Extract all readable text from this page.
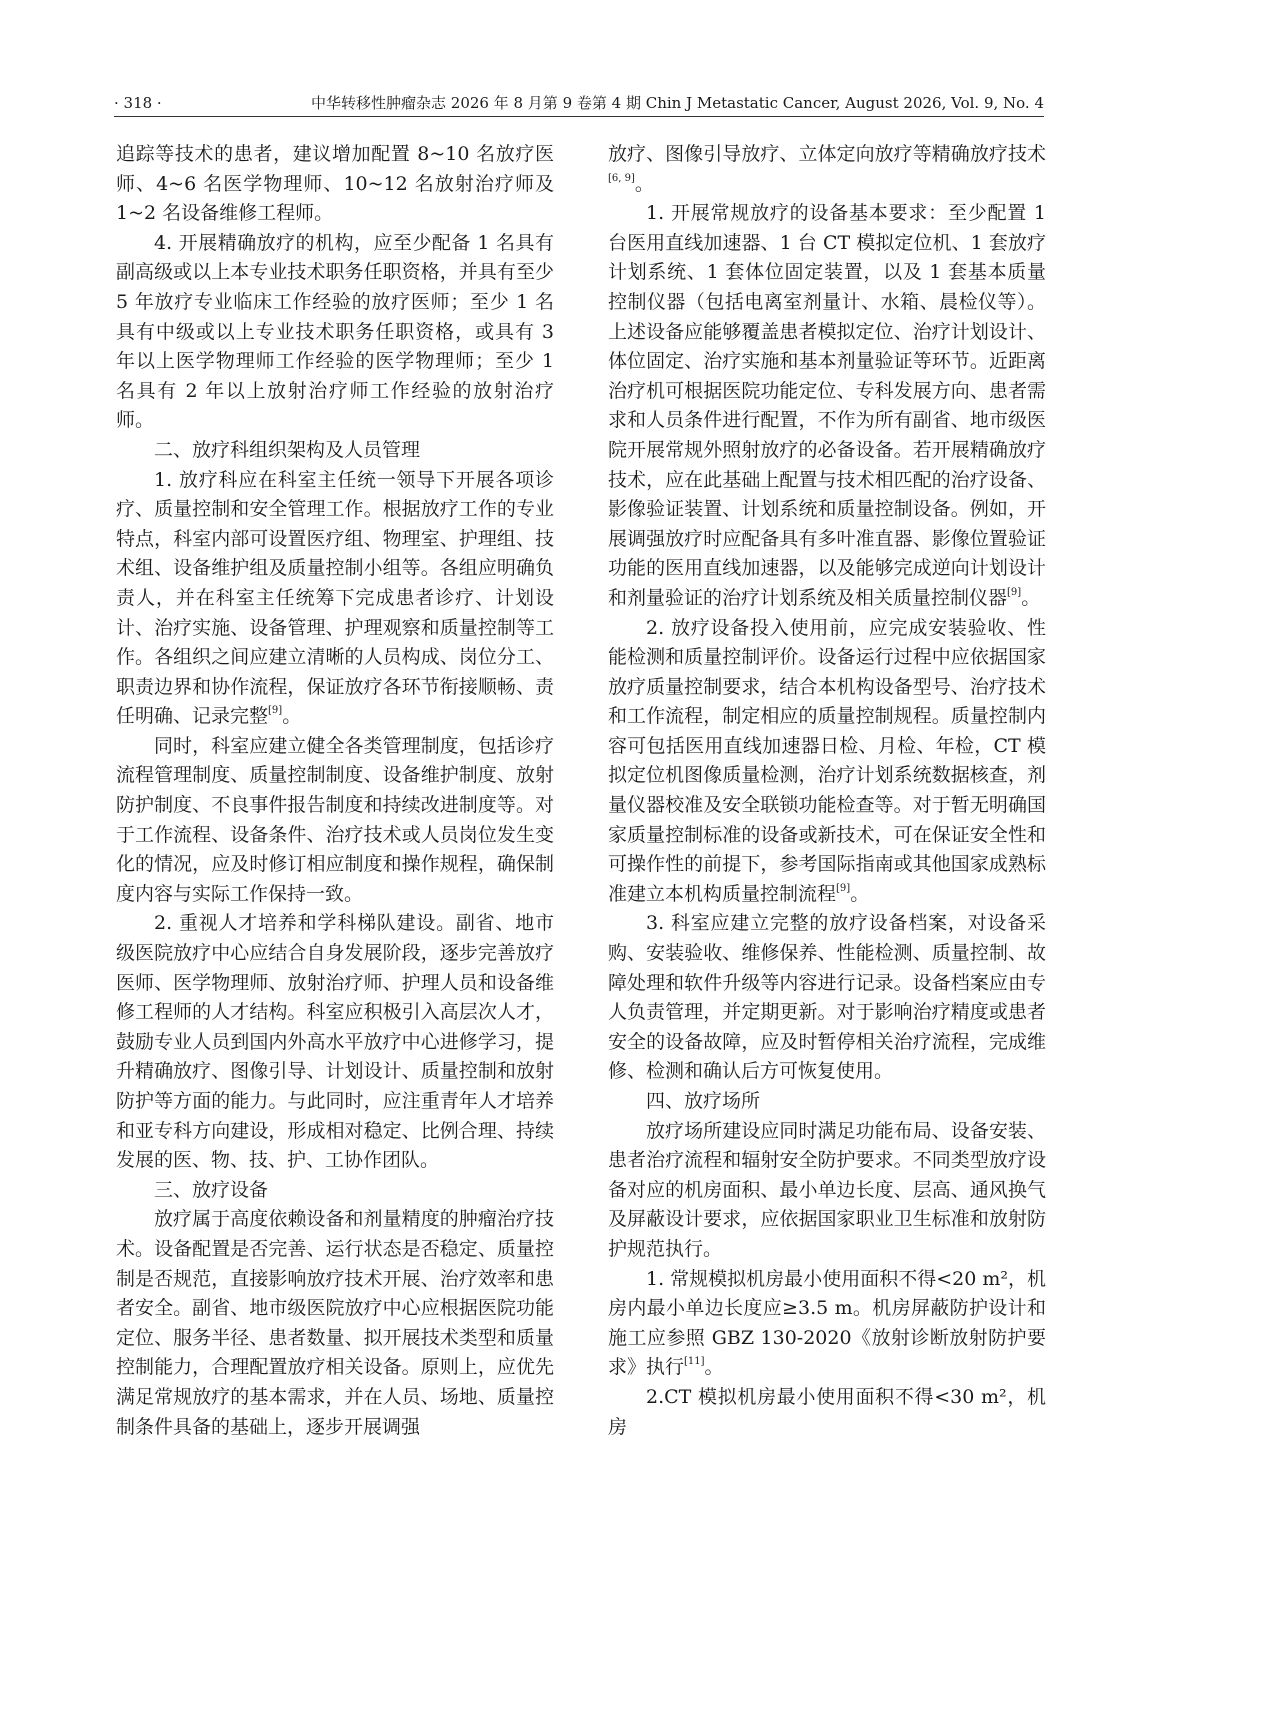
· 318 ·	中华转移性肿瘤杂志 2026 年 8 月第 9 卷第 4 期 Chin J Metastatic Cancer, August 2026, Vol. 9, No. 4

追踪等技术的患者，建议增加配置 8~10 名放疗医师、4~6 名医学物理师、10~12 名放射治疗师及 1~2 名设备维修工程师。

4. 开展精确放疗的机构，应至少配备 1 名具有副高级或以上本专业技术职务任职资格，并具有至少 5 年放疗专业临床工作经验的放疗医师；至少 1 名具有中级或以上专业技术职务任职资格，或具有 3 年以上医学物理师工作经验的医学物理师；至少 1 名具有 2 年以上放射治疗师工作经验的放射治疗师。

二、放疗科组织架构及人员管理

1. 放疗科应在科室主任统一领导下开展各项诊疗、质量控制和安全管理工作。根据放疗工作的专业特点，科室内部可设置医疗组、物理室、护理组、技术组、设备维护组及质量控制小组等。各组应明确负责人，并在科室主任统筹下完成患者诊疗、计划设计、治疗实施、设备管理、护理观察和质量控制等工作。各组织之间应建立清晰的人员构成、岗位分工、职责边界和协作流程，保证放疗各环节衔接顺畅、责任明确、记录完整[9]。

同时，科室应建立健全各类管理制度，包括诊疗流程管理制度、质量控制制度、设备维护制度、放射防护制度、不良事件报告制度和持续改进制度等。对于工作流程、设备条件、治疗技术或人员岗位发生变化的情况，应及时修订相应制度和操作规程，确保制度内容与实际工作保持一致。

2. 重视人才培养和学科梯队建设。副省、地市级医院放疗中心应结合自身发展阶段，逐步完善放疗医师、医学物理师、放射治疗师、护理人员和设备维修工程师的人才结构。科室应积极引入高层次人才，鼓励专业人员到国内外高水平放疗中心进修学习，提升精确放疗、图像引导、计划设计、质量控制和放射防护等方面的能力。与此同时，应注重青年人才培养和亚专科方向建设，形成相对稳定、比例合理、持续发展的医、物、技、护、工协作团队。

三、放疗设备

放疗属于高度依赖设备和剂量精度的肿瘤治疗技术。设备配置是否完善、运行状态是否稳定、质量控制是否规范，直接影响放疗技术开展、治疗效率和患者安全。副省、地市级医院放疗中心应根据医院功能定位、服务半径、患者数量、拟开展技术类型和质量控制能力，合理配置放疗相关设备。原则上，应优先满足常规放疗的基本需求，并在人员、场地、质量控制条件具备的基础上，逐步开展调强

放疗、图像引导放疗、立体定向放疗等精确放疗技术[6, 9]。

1. 开展常规放疗的设备基本要求：至少配置 1 台医用直线加速器、1 台 CT 模拟定位机、1 套放疗计划系统、1 套体位固定装置，以及 1 套基本质量控制仪器（包括电离室剂量计、水箱、晨检仪等）。上述设备应能够覆盖患者模拟定位、治疗计划设计、体位固定、治疗实施和基本剂量验证等环节。近距离治疗机可根据医院功能定位、专科发展方向、患者需求和人员条件进行配置，不作为所有副省、地市级医院开展常规外照射放疗的必备设备。若开展精确放疗技术，应在此基础上配置与技术相匹配的治疗设备、影像验证装置、计划系统和质量控制设备。例如，开展调强放疗时应配备具有多叶准直器、影像位置验证功能的医用直线加速器，以及能够完成逆向计划设计和剂量验证的治疗计划系统及相关质量控制仪器[9]。

2. 放疗设备投入使用前，应完成安装验收、性能检测和质量控制评价。设备运行过程中应依据国家放疗质量控制要求，结合本机构设备型号、治疗技术和工作流程，制定相应的质量控制规程。质量控制内容可包括医用直线加速器日检、月检、年检，CT 模拟定位机图像质量检测，治疗计划系统数据核查，剂量仪器校准及安全联锁功能检查等。对于暂无明确国家质量控制标准的设备或新技术，可在保证安全性和可操作性的前提下，参考国际指南或其他国家成熟标准建立本机构质量控制流程[9]。

3. 科室应建立完整的放疗设备档案，对设备采购、安装验收、维修保养、性能检测、质量控制、故障处理和软件升级等内容进行记录。设备档案应由专人负责管理，并定期更新。对于影响治疗精度或患者安全的设备故障，应及时暂停相关治疗流程，完成维修、检测和确认后方可恢复使用。

四、放疗场所

放疗场所建设应同时满足功能布局、设备安装、患者治疗流程和辐射安全防护要求。不同类型放疗设备对应的机房面积、最小单边长度、层高、通风换气及屏蔽设计要求，应依据国家职业卫生标准和放射防护规范执行。

1. 常规模拟机房最小使用面积不得<20 m²，机房内最小单边长度应≥3.5 m。机房屏蔽防护设计和施工应参照 GBZ 130-2020《放射诊断放射防护要求》执行[11]。

2.CT 模拟机房最小使用面积不得<30 m²，机房
